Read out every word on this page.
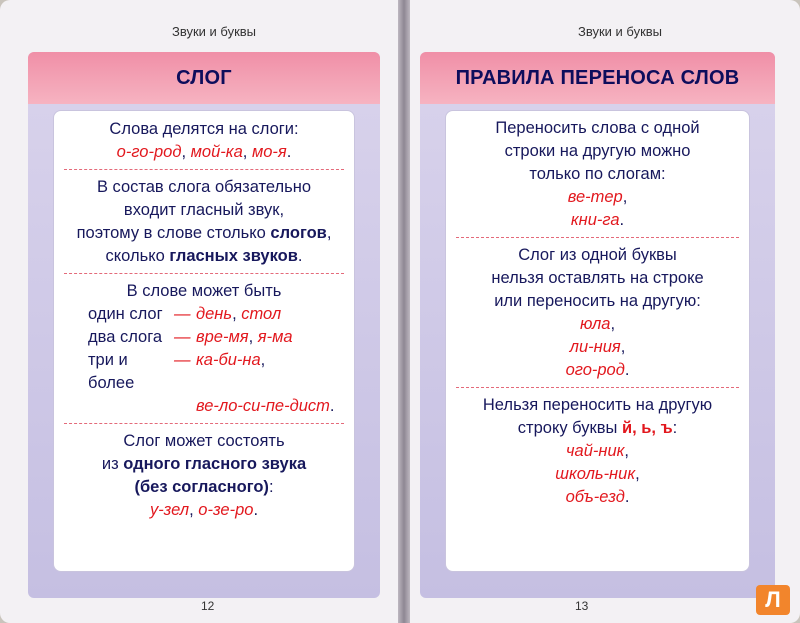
Звуки и буквы
СЛОГ
Слова делятся на слоги:
о-го-род, мой-ка, мо-я.
В состав слога обязательно
входит гласный звук,
поэтому в слове столько слогов,
сколько гласных звуков.
В слове может быть
один слог — день, стол
два слога — вре-мя, я-ма
три и более
— ка-би-на,
ве-ло-си-пе-дист.
Слог может состоять
из одного гласного звука
(без согласного):
у-зел, о-зе-ро.
12
Звуки и буквы
ПРАВИЛА ПЕРЕНОСА СЛОВ
Переносить слова с одной
строки на другую можно
только по слогам:
ве-тер,
кни-га.
Слог из одной буквы
нельзя оставлять на строке
или переносить на другую:
юла,
ли-ния,
ого-род.
Нельзя переносить на другую
строку буквы й, ь, ъ:
чай-ник,
школь-ник,
объ-езд.
13	Л
